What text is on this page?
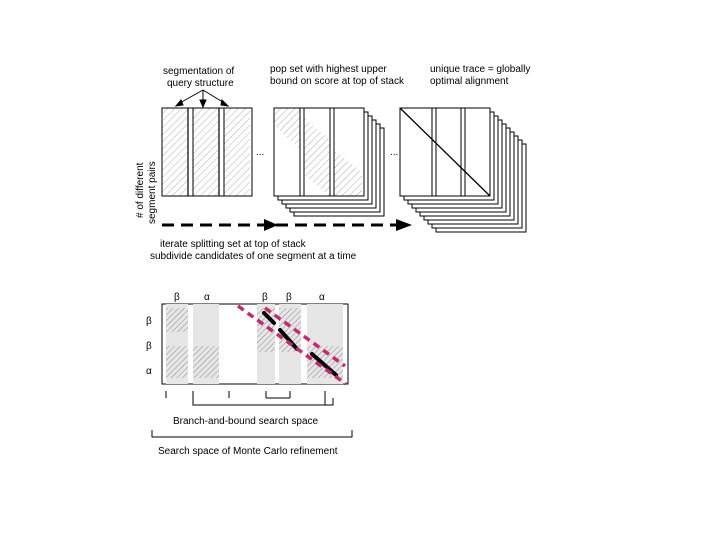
segmentation of
query structure
# of different segment pairs
...
pop set with highest upper
bound on score at top of stack
...
unique trace = globally
optimal alignment
iterate splitting set at top of stack
subdivide candidates of one segment at a time
β α	β β	α
β
β
α
Branch-and-bound search space
Search space of Monte Carlo refinement
